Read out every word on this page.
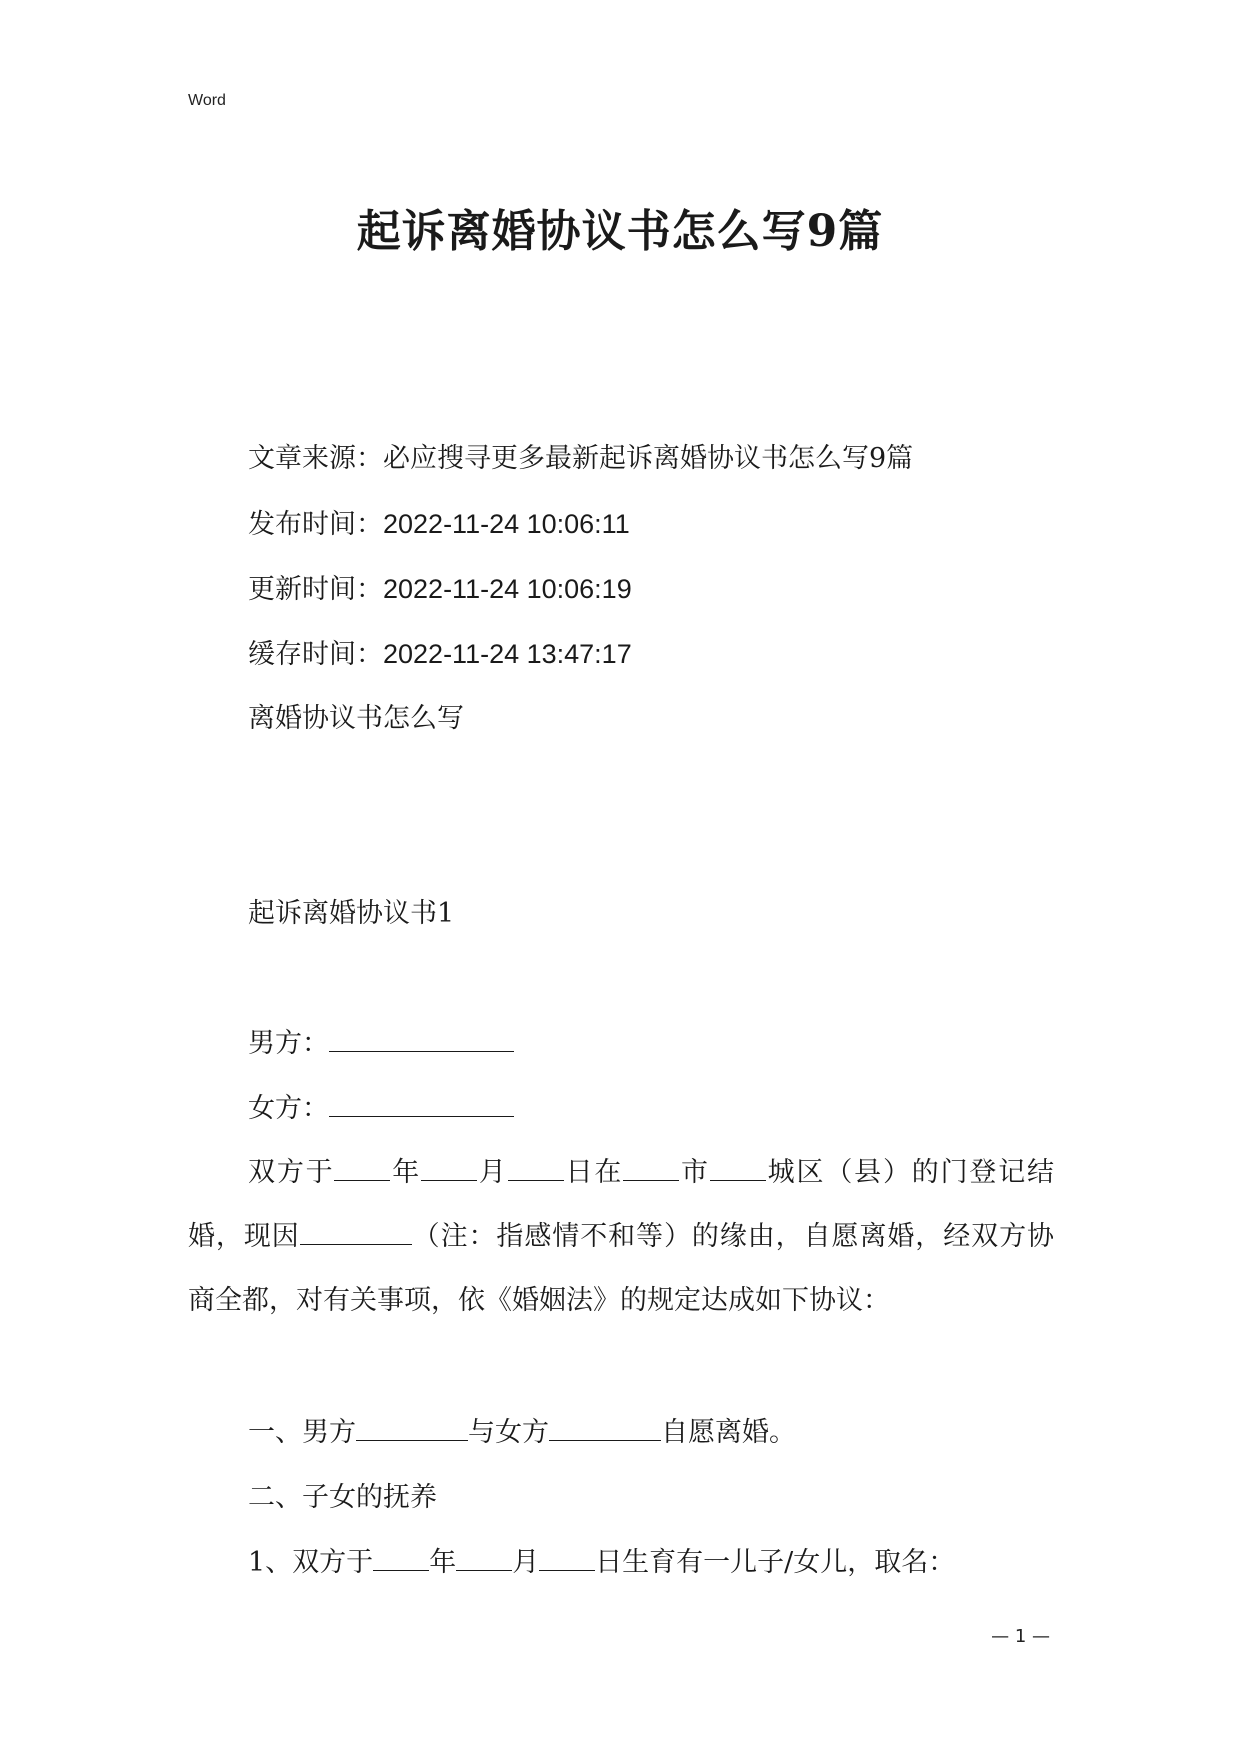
Word
起诉离婚协议书怎么写9篇
文章来源：必应搜寻更多最新起诉离婚协议书怎么写9篇
发布时间：2022-11-24 10:06:11
更新时间：2022-11-24 10:06:19
缓存时间：2022-11-24 13:47:17
离婚协议书怎么写
起诉离婚协议书1
男方：
女方：
双方于 年 月 日在 市 城区（县）的门登记结婚，现因	（注：指感情不和等）的缘由，自愿离婚，经双方协商全都，对有关事项，依《婚姻法》的规定达成如下协议：
一、男方	与女方	自愿离婚。
二、子女的抚养
1、双方于 年 月 日生育有一儿子/女儿，取名：
— 1 —
